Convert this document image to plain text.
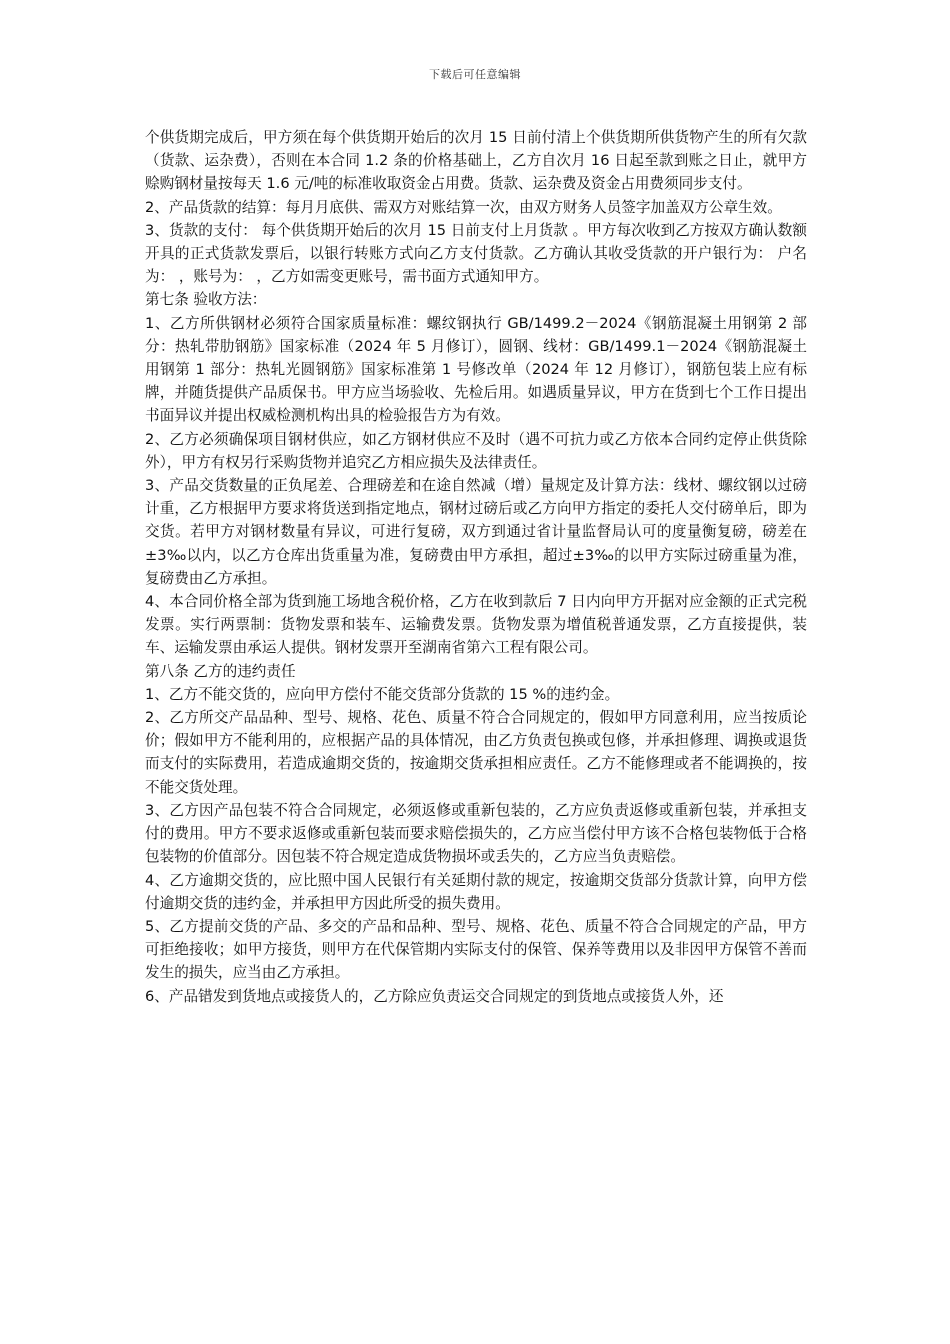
下载后可任意编辑

个供货期完成后，甲方须在每个供货期开始后的次月 15 日前付清上个供货期所供货物产生的所有欠款（货款、运杂费），否则在本合同 1.2 条的价格基础上，乙方自次月 16 日起至款到账之日止，就甲方赊购钢材量按每天 1.6 元/吨的标准收取资金占用费。货款、运杂费及资金占用费须同步支付。

2、产品货款的结算：每月月底供、需双方对账结算一次，由双方财务人员签字加盖双方公章生效。

3、货款的支付： 每个供货期开始后的次月 15 日前支付上月货款 。甲方每次收到乙方按双方确认数额开具的正式货款发票后，以银行转账方式向乙方支付货款。乙方确认其收受货款的开户银行为： 户名为： ，账号为： ，乙方如需变更账号，需书面方式通知甲方。

第七条 验收方法：

1、乙方所供钢材必须符合国家质量标准：螺纹钢执行 GB/1499.2－2024《钢筋混凝土用钢第 2 部分：热轧带肋钢筋》国家标准（2024 年 5 月修订），圆钢、线材：GB/1499.1－2024《钢筋混凝土用钢第 1 部分：热轧光圆钢筋》国家标准第 1 号修改单（2024 年 12 月修订），钢筋包装上应有标牌，并随货提供产品质保书。甲方应当场验收、先检后用。如遇质量异议，甲方在货到七个工作日提出书面异议并提出权威检测机构出具的检验报告方为有效。

2、乙方必须确保项目钢材供应，如乙方钢材供应不及时（遇不可抗力或乙方依本合同约定停止供货除外），甲方有权另行采购货物并追究乙方相应损失及法律责任。

3、产品交货数量的正负尾差、合理磅差和在途自然减（增）量规定及计算方法：线材、螺纹钢以过磅计重，乙方根据甲方要求将货送到指定地点，钢材过磅后或乙方向甲方指定的委托人交付磅单后，即为交货。若甲方对钢材数量有异议，可进行复磅，双方到通过省计量监督局认可的度量衡复磅，磅差在±3‰以内，以乙方仓库出货重量为准，复磅费由甲方承担，超过±3‰的以甲方实际过磅重量为准，复磅费由乙方承担。

4、本合同价格全部为货到施工场地含税价格，乙方在收到款后 7 日内向甲方开据对应金额的正式完税发票。实行两票制：货物发票和装车、运输费发票。货物发票为增值税普通发票，乙方直接提供，装车、运输发票由承运人提供。钢材发票开至湖南省第六工程有限公司。

第八条 乙方的违约责任

1、乙方不能交货的，应向甲方偿付不能交货部分货款的 15 %的违约金。

2、乙方所交产品品种、型号、规格、花色、质量不符合合同规定的，假如甲方同意利用，应当按质论价；假如甲方不能利用的，应根据产品的具体情况，由乙方负责包换或包修，并承担修理、调换或退货而支付的实际费用，若造成逾期交货的，按逾期交货承担相应责任。乙方不能修理或者不能调换的，按不能交货处理。

3、乙方因产品包装不符合合同规定，必须返修或重新包装的，乙方应负责返修或重新包装，并承担支付的费用。甲方不要求返修或重新包装而要求赔偿损失的，乙方应当偿付甲方该不合格包装物低于合格包装物的价值部分。因包装不符合规定造成货物损坏或丢失的，乙方应当负责赔偿。

4、乙方逾期交货的，应比照中国人民银行有关延期付款的规定，按逾期交货部分货款计算，向甲方偿付逾期交货的违约金，并承担甲方因此所受的损失费用。

5、乙方提前交货的产品、多交的产品和品种、型号、规格、花色、质量不符合合同规定的产品，甲方可拒绝接收；如甲方接货，则甲方在代保管期内实际支付的保管、保养等费用以及非因甲方保管不善而发生的损失，应当由乙方承担。

6、产品错发到货地点或接货人的，乙方除应负责运交合同规定的到货地点或接货人外，还
